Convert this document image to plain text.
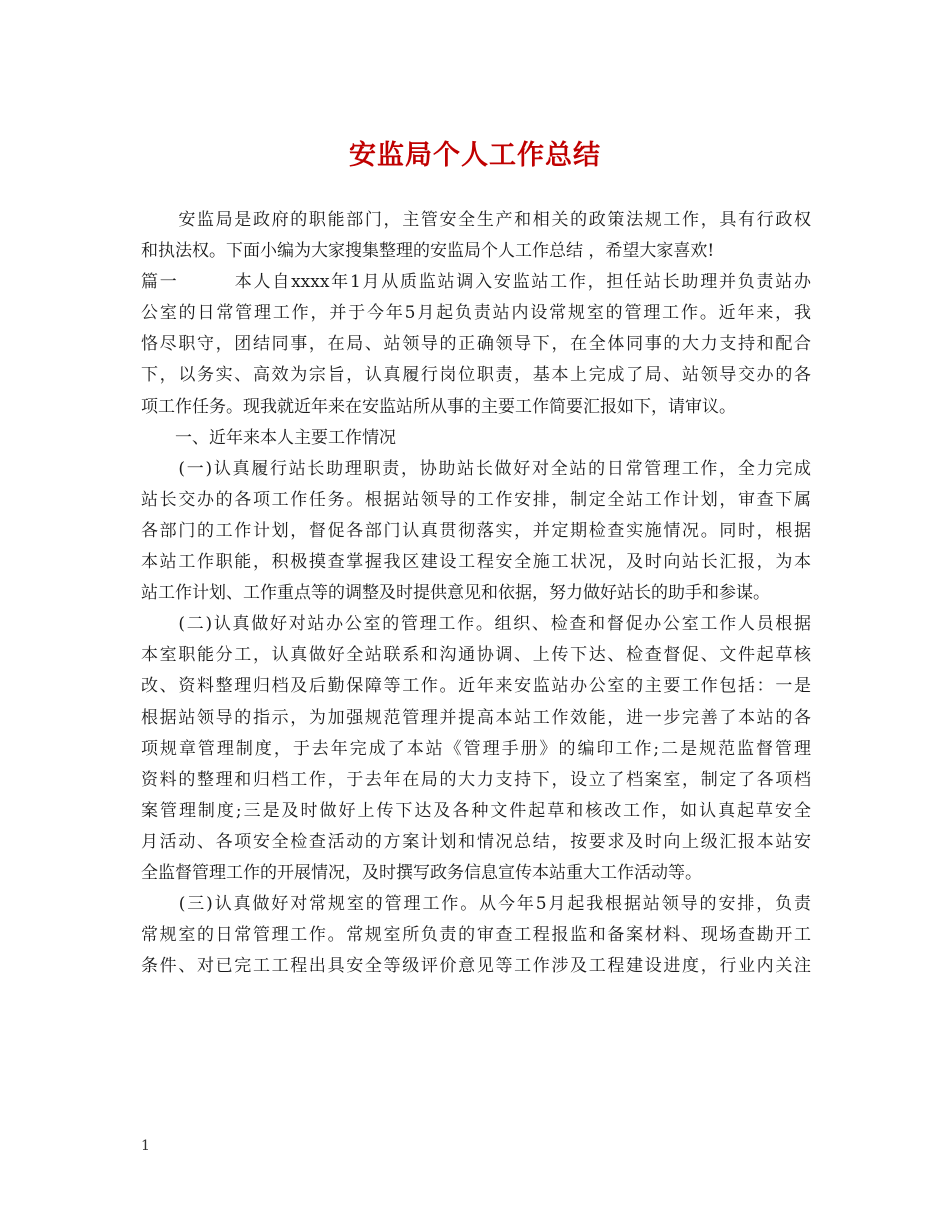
安监局个人工作总结
　　安监局是政府的职能部门，主管安全生产和相关的政策法规工作，具有行政权
和执法权。下面小编为大家搜集整理的安监局个人工作总结 ，希望大家喜欢!
篇一　　　本人自xxxx年1月从质监站调入安监站工作，担任站长助理并负责站办
公室的日常管理工作，并于今年5月起负责站内设常规室的管理工作。近年来，我
恪尽职守，团结同事，在局、站领导的正确领导下，在全体同事的大力支持和配合
下，以务实、高效为宗旨，认真履行岗位职责，基本上完成了局、站领导交办的各
项工作任务。现我就近年来在安监站所从事的主要工作简要汇报如下，请审议。
　　一、近年来本人主要工作情况
　　(一)认真履行站长助理职责，协助站长做好对全站的日常管理工作，全力完成
站长交办的各项工作任务。根据站领导的工作安排，制定全站工作计划，审查下属
各部门的工作计划，督促各部门认真贯彻落实，并定期检查实施情况。同时，根据
本站工作职能，积极摸查掌握我区建设工程安全施工状况，及时向站长汇报，为本
站工作计划、工作重点等的调整及时提供意见和依据，努力做好站长的助手和参谋。
　　(二)认真做好对站办公室的管理工作。组织、检查和督促办公室工作人员根据
本室职能分工，认真做好全站联系和沟通协调、上传下达、检查督促、文件起草核
改、资料整理归档及后勤保障等工作。近年来安监站办公室的主要工作包括：一是
根据站领导的指示，为加强规范管理并提高本站工作效能，进一步完善了本站的各
项规章管理制度，于去年完成了本站《管理手册》的编印工作;二是规范监督管理
资料的整理和归档工作，于去年在局的大力支持下，设立了档案室，制定了各项档
案管理制度;三是及时做好上传下达及各种文件起草和核改工作，如认真起草安全
月活动、各项安全检查活动的方案计划和情况总结，按要求及时向上级汇报本站安
全监督管理工作的开展情况，及时撰写政务信息宣传本站重大工作活动等。
　　(三)认真做好对常规室的管理工作。从今年5月起我根据站领导的安排，负责
常规室的日常管理工作。常规室所负责的审查工程报监和备案材料、现场查勘开工
条件、对已完工工程出具安全等级评价意见等工作涉及工程建设进度，行业内关注
1
